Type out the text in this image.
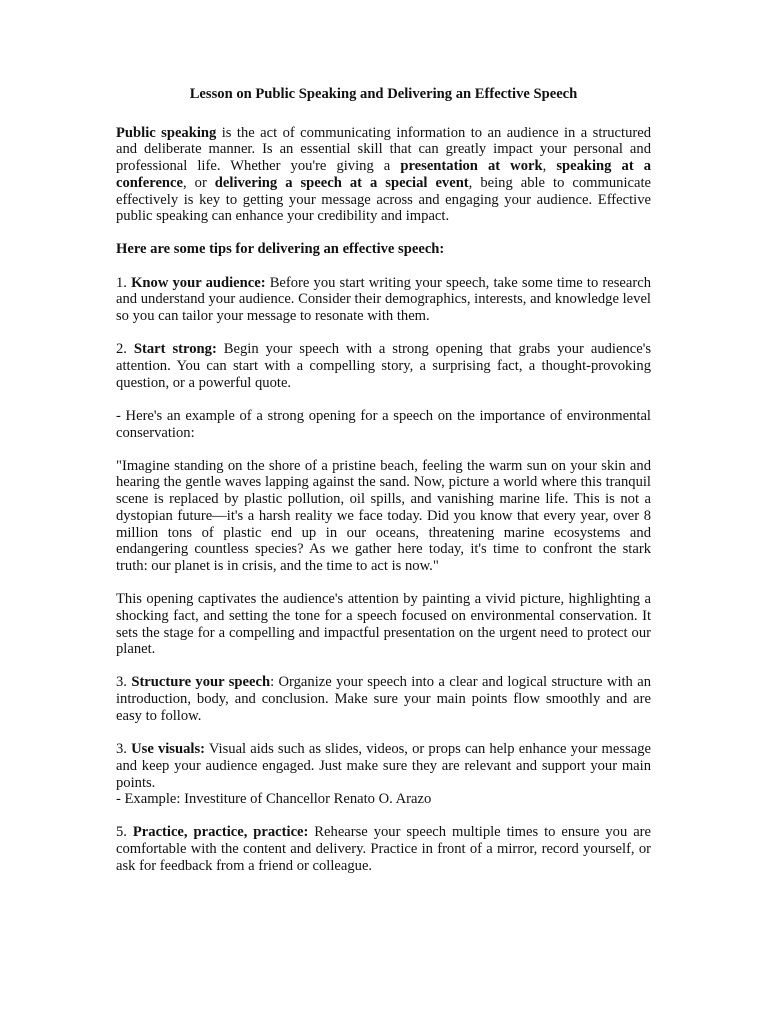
Lesson on Public Speaking and Delivering an Effective Speech

Public speaking is the act of communicating information to an audience in a structured and deliberate manner. Is an essential skill that can greatly impact your personal and professional life. Whether you're giving a presentation at work, speaking at a conference, or delivering a speech at a special event, being able to communicate effectively is key to getting your message across and engaging your audience. Effective public speaking can enhance your credibility and impact.

Here are some tips for delivering an effective speech:

1. Know your audience: Before you start writing your speech, take some time to research and understand your audience. Consider their demographics, interests, and knowledge level so you can tailor your message to resonate with them.

2. Start strong: Begin your speech with a strong opening that grabs your audience's attention. You can start with a compelling story, a surprising fact, a thought-provoking question, or a powerful quote.

- Here's an example of a strong opening for a speech on the importance of environmental conservation:

"Imagine standing on the shore of a pristine beach, feeling the warm sun on your skin and hearing the gentle waves lapping against the sand. Now, picture a world where this tranquil scene is replaced by plastic pollution, oil spills, and vanishing marine life. This is not a dystopian future—it's a harsh reality we face today. Did you know that every year, over 8 million tons of plastic end up in our oceans, threatening marine ecosystems and endangering countless species? As we gather here today, it's time to confront the stark truth: our planet is in crisis, and the time to act is now."

This opening captivates the audience's attention by painting a vivid picture, highlighting a shocking fact, and setting the tone for a speech focused on environmental conservation. It sets the stage for a compelling and impactful presentation on the urgent need to protect our planet.

3. Structure your speech: Organize your speech into a clear and logical structure with an introduction, body, and conclusion. Make sure your main points flow smoothly and are easy to follow.

3. Use visuals: Visual aids such as slides, videos, or props can help enhance your message and keep your audience engaged. Just make sure they are relevant and support your main points.
- Example: Investiture of Chancellor Renato O. Arazo

5. Practice, practice, practice: Rehearse your speech multiple times to ensure you are comfortable with the content and delivery. Practice in front of a mirror, record yourself, or ask for feedback from a friend or colleague.
